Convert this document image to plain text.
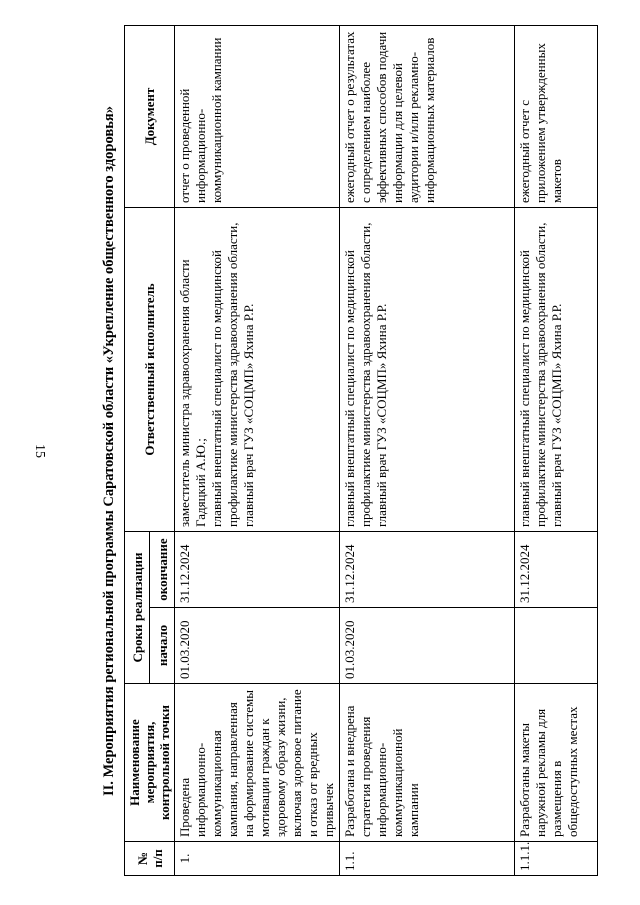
15	II. Мероприятия региональной программы Саратовской области «Укрепление общественного здоровья»
№ п/п	Наименование мероприятия, контрольной точки	Сроки реализации		Ответственный исполнитель	Документ
		начало	окончание		
1.	Проведена информационно-коммуникационная кампания, направленная на формирование системы мотивации граждан к здоровому образу жизни, включая здоровое питание и отказ от вредных привычек	01.03.2020	31.12.2024	заместитель министра здравоохранения области Гадяцкий А.Ю.;
главный внештатный специалист по медицинской профилактике министерства здравоохранения области, главный врач ГУЗ «СОЦМП» Яхина Р.Р.	отчет о проведенной информационно-коммуникационной кампании
1.1.	Разработана и внедрена стратегия проведения информационно-коммуникационной кампании	01.03.2020	31.12.2024	главный внештатный специалист по медицинской профилактике министерства здравоохранения области, главный врач ГУЗ «СОЦМП» Яхина Р.Р.	ежегодный отчет о результатах с определением наиболее эффективных способов подачи информации для целевой аудитории и/или рекламно-информационных материалов
1.1.1.	Разработаны макеты наружной рекламы для размещения в общедоступных местах		31.12.2024	главный внештатный специалист по медицинской профилактике министерства здравоохранения области, главный врач ГУЗ «СОЦМП» Яхина Р.Р.	ежегодный отчет с приложением утвержденных макетов
